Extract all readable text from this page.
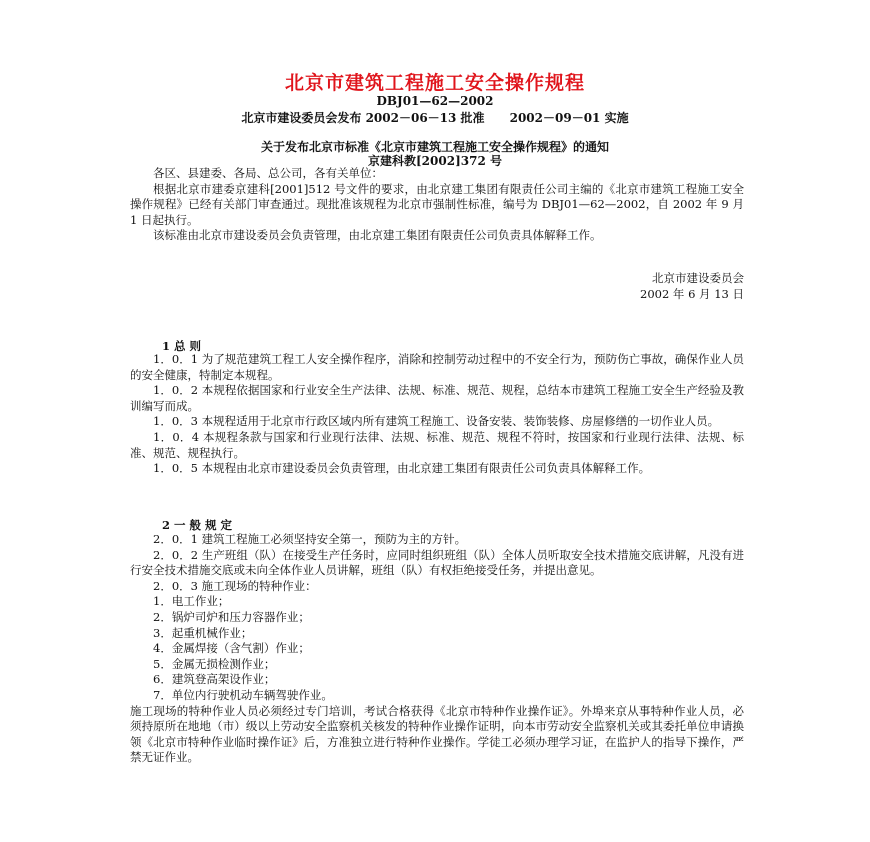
北京市建筑工程施工安全操作规程
DBJ01—62—2002
北京市建设委员会发布 2002－06－13 批准      2002－09－01 实施
关于发布北京市标准《北京市建筑工程施工安全操作规程》的通知
京建科教[2002]372 号

各区、县建委、各局、总公司，各有关单位：

根据北京市建委京建科[2001]512 号文件的要求，由北京建工集团有限责任公司主编的《北京市建筑工程施工安全操作规程》已经有关部门审查通过。现批准该规程为北京市强制性标准，编号为 DBJ01—62—2002，自 2002 年 9 月 1 日起执行。

该标准由北京市建设委员会负责管理，由北京建工集团有限责任公司负责具体解释工作。

北京市建设委员会
2002 年 6 月 13 日
1 总 则

1．0．1 为了规范建筑工程工人安全操作程序，消除和控制劳动过程中的不安全行为，预防伤亡事故，确保作业人员的安全健康，特制定本规程。

1．0．2 本规程依据国家和行业安全生产法律、法规、标准、规范、规程，总结本市建筑工程施工安全生产经验及教训编写而成。

1．0．3 本规程适用于北京市行政区域内所有建筑工程施工、设备安装、装饰装修、房屋修缮的一切作业人员。

1．0．4 本规程条款与国家和行业现行法律、法规、标准、规范、规程不符时，按国家和行业现行法律、法规、标准、规范、规程执行。

1．0．5 本规程由北京市建设委员会负责管理，由北京建工集团有限责任公司负责具体解释工作。

2 一 般 规 定

2．0．1 建筑工程施工必须坚持安全第一，预防为主的方针。

2．0．2 生产班组（队）在接受生产任务时，应同时组织班组（队）全体人员听取安全技术措施交底讲解，凡没有进行安全技术措施交底或未向全体作业人员讲解，班组（队）有权拒绝接受任务，并提出意见。

2．0．3 施工现场的特种作业：

1．电工作业；

2．锅炉司炉和压力容器作业；

3．起重机械作业；

4．金属焊接（含气割）作业；

5．金属无损检测作业；

6．建筑登高架设作业；

7．单位内行驶机动车辆驾驶作业。

施工现场的特种作业人员必须经过专门培训，考试合格获得《北京市特种作业操作证》。外埠来京从事特种作业人员，必须持原所在地地（市）级以上劳动安全监察机关核发的特种作业操作证明，向本市劳动安全监察机关或其委托单位申请换领《北京市特种作业临时操作证》后，方准独立进行特种作业操作。学徒工必须办理学习证，在监护人的指导下操作，严禁无证作业。
